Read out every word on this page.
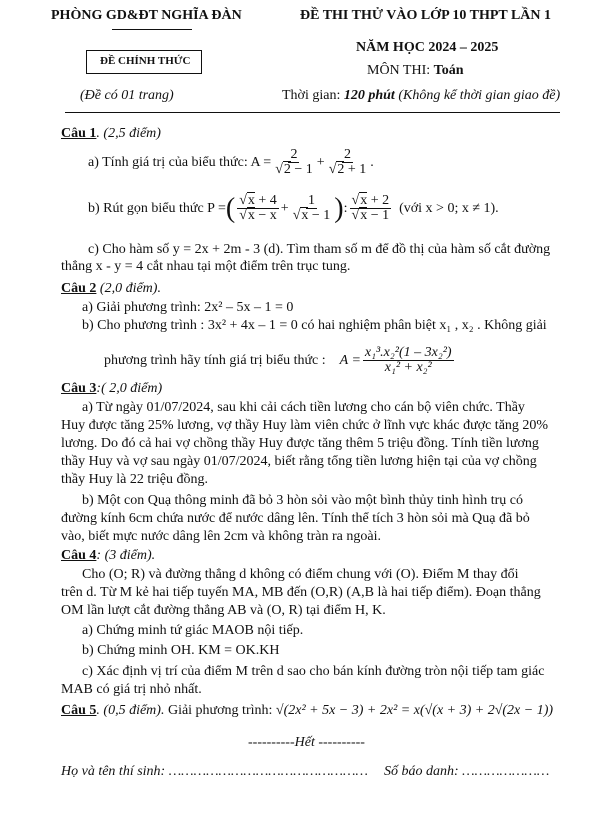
PHÒNG GD&ĐT NGHĨA ĐÀN
ĐỀ CHÍNH THỨC
(Đề có 01 trang)
ĐỀ THI THỬ VÀO LỚP 10 THPT LẦN 1
NĂM HỌC 2024 – 2025
MÔN THI: Toán
Thời gian: 120 phút (Không kể thời gian giao đề)
Câu 1. (2,5 điểm)
a) Tính giá trị của biểu thức: A = 2
√ 2 − 1 + 2
√ 2 + 1 .
b) Rút gọn biểu thức P = ( √ x + 4
√ x − x + 1
√ x − 1 ) : √ x + 2
√ x − 1 (với x > 0; x ≠ 1).
c) Cho hàm số y = 2x + 2m - 3 (d). Tìm tham số m để đồ thị của hàm số cắt đường
thẳng x - y = 4 cắt nhau tại một điểm trên trục tung.
Câu 2 (2,0 điểm).
a) Giải phương trình: 2x² – 5x – 1 = 0
b) Cho phương trình : 3x² + 4x – 1 = 0 có hai nghiệm phân biệt x₁ , x₂ . Không giải
phương trình hãy tính giá trị biểu thức : $A = \frac{\text{x₁³.x₂²(1 – 3x₂²)}}{\text{x₁² + x₂²}}$
Câu 3:( 2,0 điểm)
a) Từ ngày 01/07/2024, sau khi cải cách tiền lương cho cán bộ viên chức. Thầy
Huy được tăng 25% lương, vợ thầy Huy làm viên chức ở lĩnh vực khác được tăng 20%
lương. Do đó cả hai vợ chồng thầy Huy được tăng thêm 5 triệu đồng. Tính tiền lương
thầy Huy và vợ sau ngày 01/07/2024, biết rằng tổng tiền lương hiện tại của vợ chồng
thầy Huy là 22 triệu đồng.
b) Một con Quạ thông minh đã bỏ 3 hòn sỏi vào một bình thủy tinh hình trụ có
đường kính 6cm chứa nước để nước dâng lên. Tính thể tích 3 hòn sỏi mà Quạ đã bỏ
vào, biết mực nước dâng lên 2cm và không tràn ra ngoài.
Câu 4: (3 điểm).
Cho (O; R) và đường thẳng d không có điểm chung với (O). Điểm M thay đổi
trên d. Từ M kẻ hai tiếp tuyến MA, MB đến (O,R) (A,B là hai tiếp điểm). Đoạn thẳng
OM lần lượt cắt đường thẳng AB và (O, R) tại điểm H, K.
a) Chứng minh tứ giác MAOB nội tiếp.
b) Chứng minh OH. KM = OK.KH
c) Xác định vị trí của điểm M trên d sao cho bán kính đường tròn nội tiếp tam giác
MAB có giá trị nhỏ nhất.
Câu 5. (0,5 điểm). Giải phương trình: √(2x² + 5x − 3) + 2x² = x(√(x + 3) + 2√(2x − 1))
----------Hết ----------
Họ và tên thí sinh: ………………………………………… Số báo danh: …………………
